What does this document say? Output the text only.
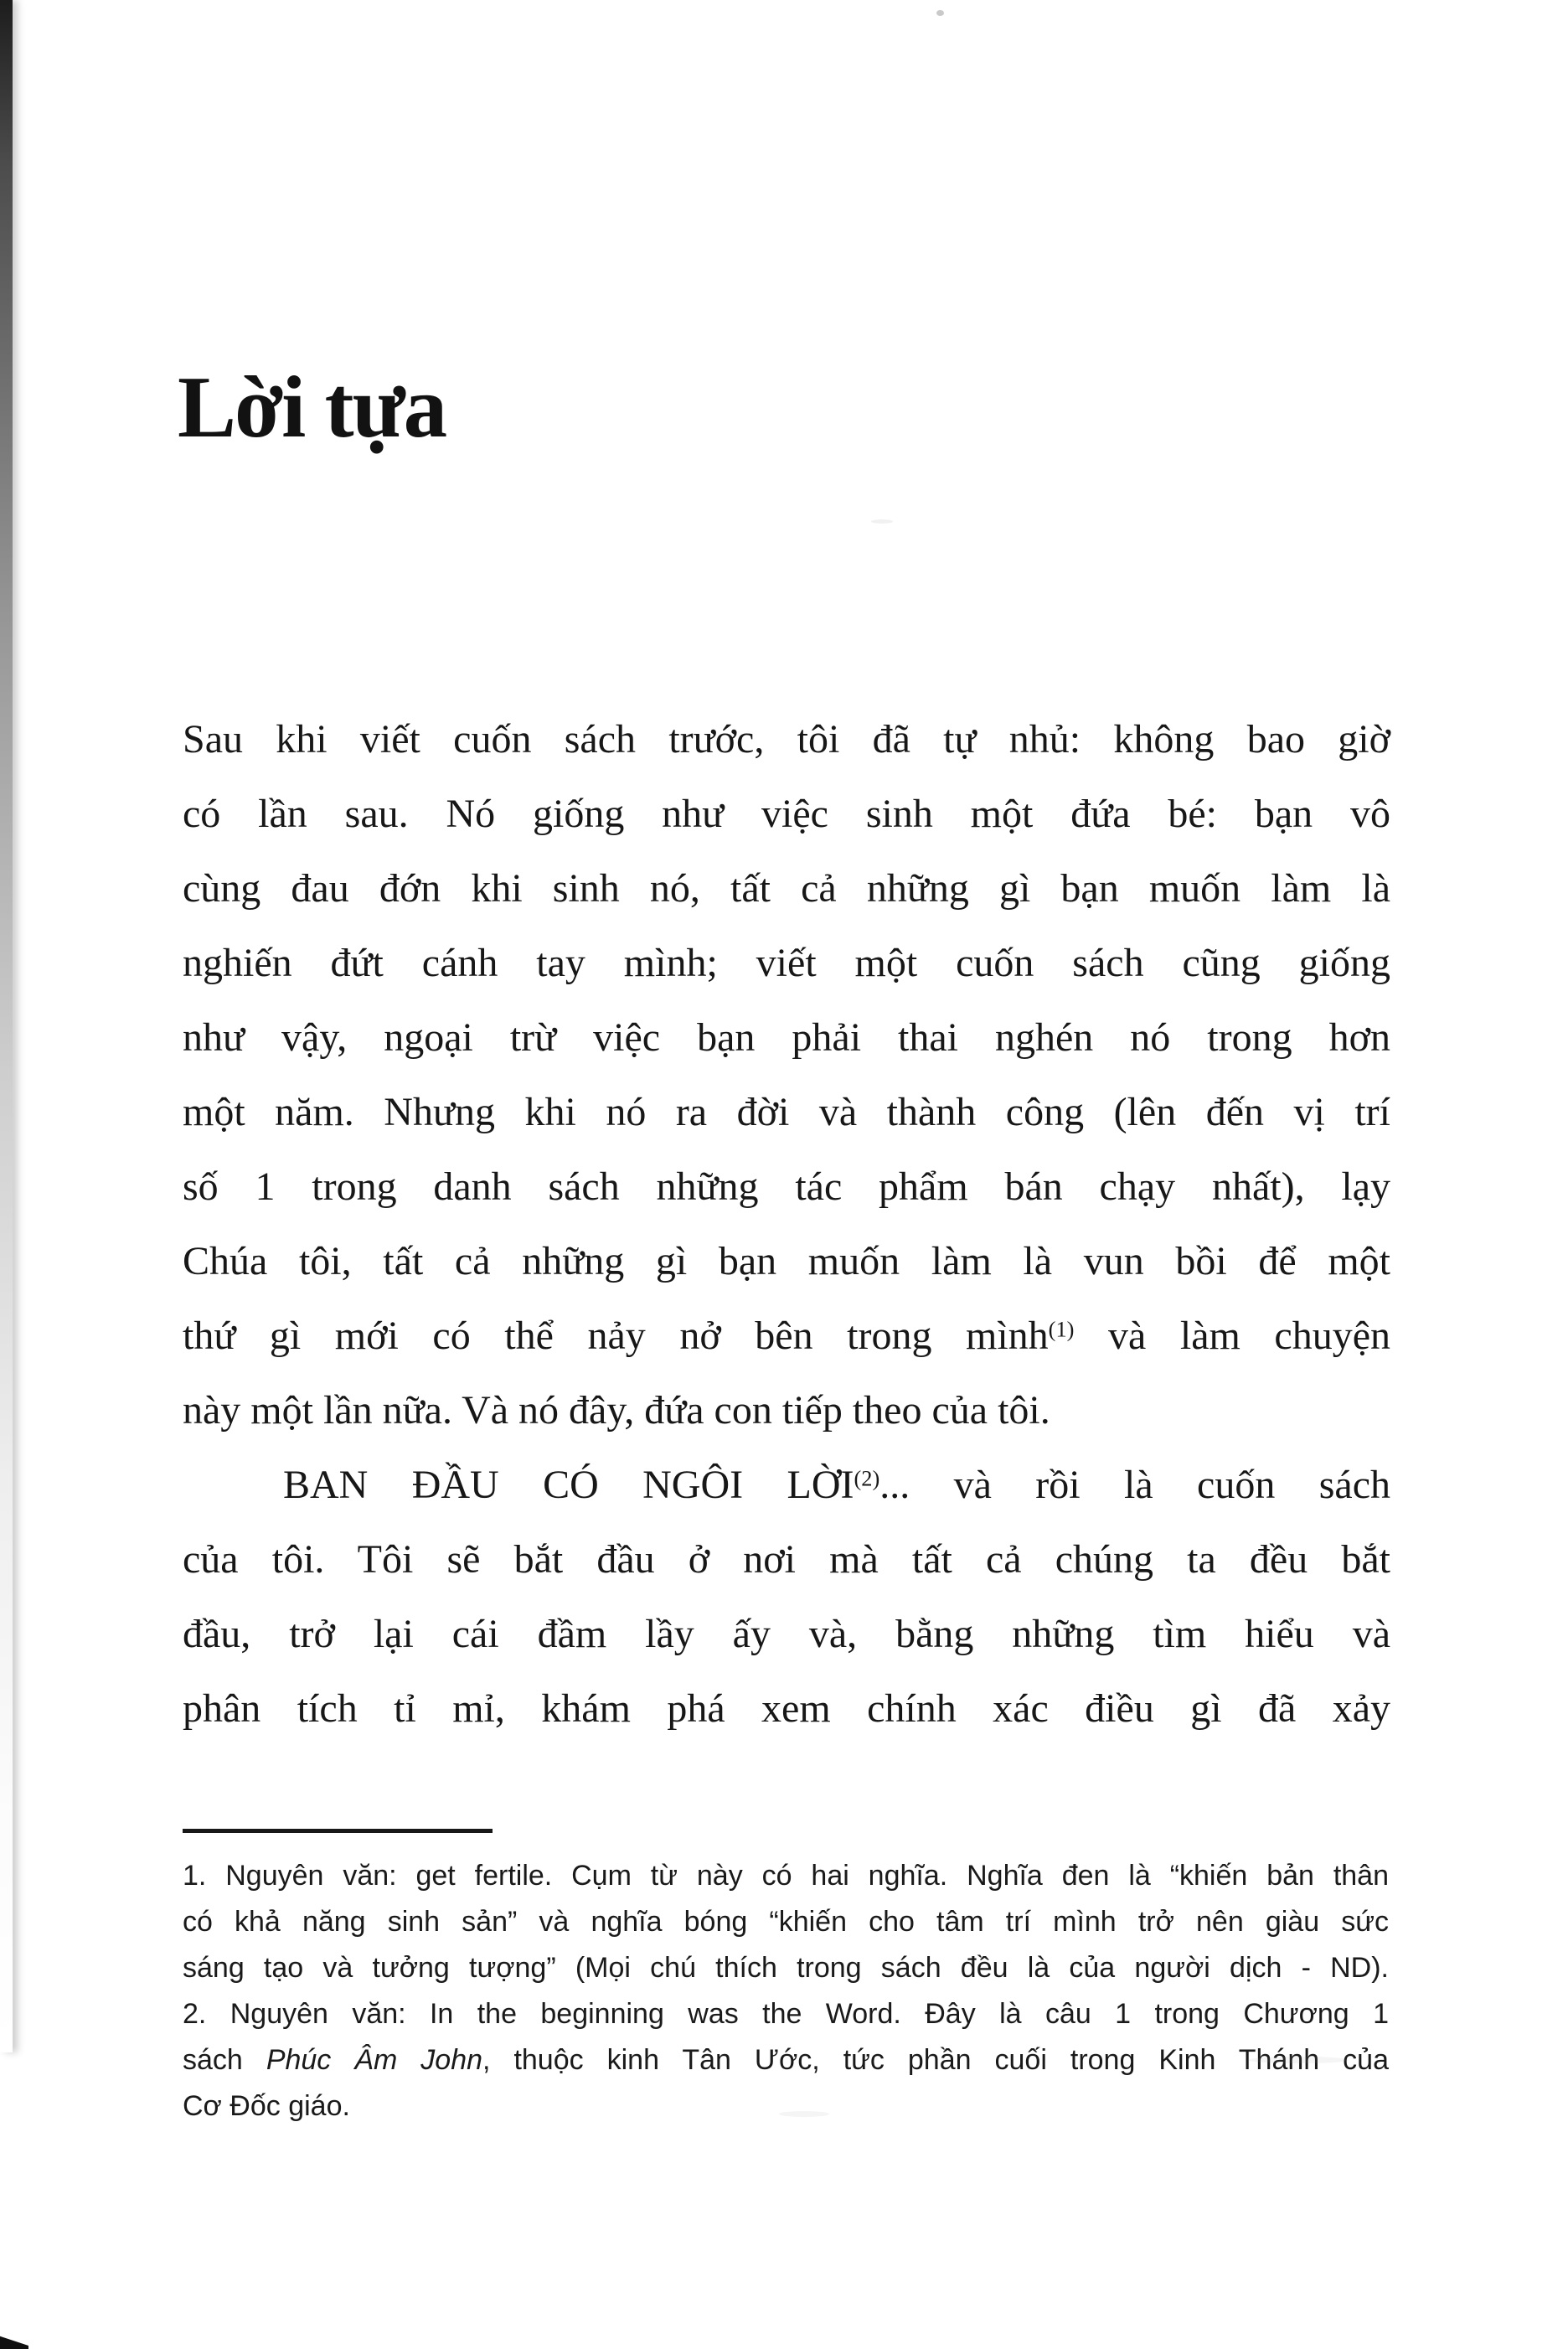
Lời tựa
Sau khi viết cuốn sách trước, tôi đã tự nhủ: không bao giờ
có lần sau. Nó giống như việc sinh một đứa bé: bạn vô
cùng đau đớn khi sinh nó, tất cả những gì bạn muốn làm là
nghiến đứt cánh tay mình; viết một cuốn sách cũng giống
như vậy, ngoại trừ việc bạn phải thai nghén nó trong hơn
một năm. Nhưng khi nó ra đời và thành công (lên đến vị trí
số 1 trong danh sách những tác phẩm bán chạy nhất), lạy
Chúa tôi, tất cả những gì bạn muốn làm là vun bồi để một
thứ gì mới có thể nảy nở bên trong mình$^{(1)}$ và làm chuyện
này một lần nữa. Và nó đây, đứa con tiếp theo của tôi.
BAN ĐẦU CÓ NGÔI LỜI$^{(2)}$... và rồi là cuốn sách
của tôi. Tôi sẽ bắt đầu ở nơi mà tất cả chúng ta đều bắt
đầu, trở lại cái đầm lầy ấy và, bằng những tìm hiểu và
phân tích tỉ mỉ, khám phá xem chính xác điều gì đã xảy
1. Nguyên văn: get fertile. Cụm từ này có hai nghĩa. Nghĩa đen là “khiến bản thân
có khả năng sinh sản” và nghĩa bóng “khiến cho tâm trí mình trở nên giàu sức
sáng tạo và tưởng tượng” (Mọi chú thích trong sách đều là của người dịch - ND).
2. Nguyên văn: In the beginning was the Word. Đây là câu 1 trong Chương 1
sách Phúc Âm John, thuộc kinh Tân Ước, tức phần cuối trong Kinh Thánh của
Cơ Đốc giáo.
